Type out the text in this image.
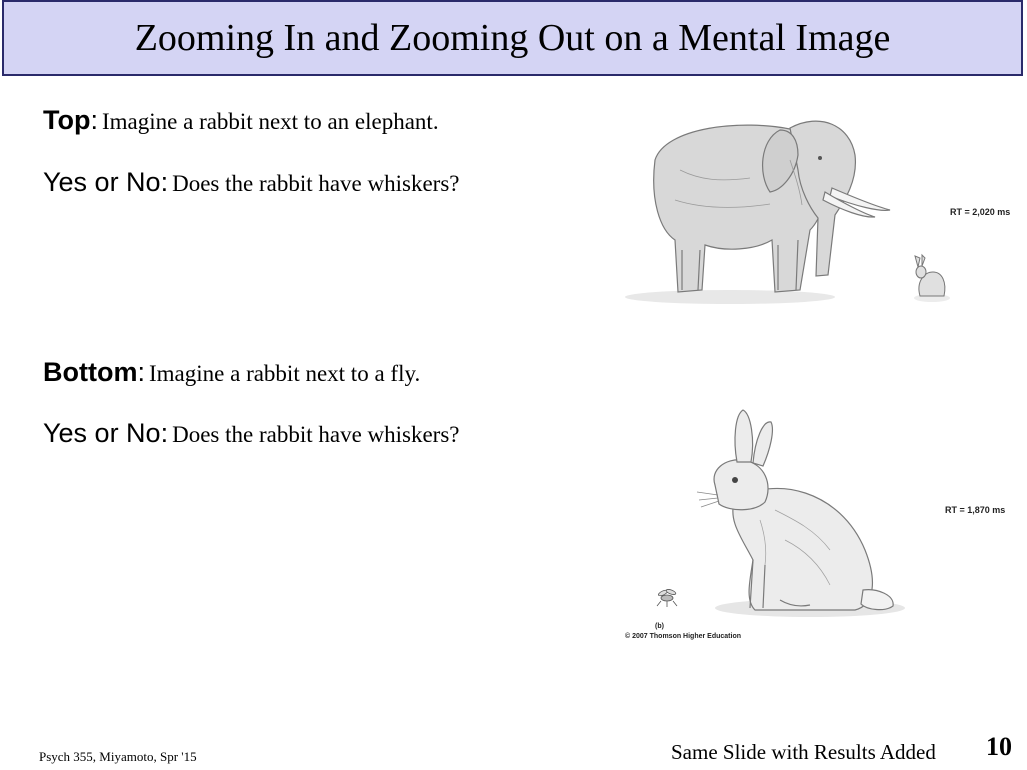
Zooming In and Zooming Out on a Mental Image
Top: Imagine a rabbit next to an elephant.
Yes or No: Does the rabbit have whiskers?
Bottom: Imagine a rabbit next to a fly.
Yes or No: Does the rabbit have whiskers?
RT = 2,020 ms
RT = 1,870 ms
(b)
© 2007 Thomson Higher Education
Psych 355, Miyamoto, Spr '15	Same Slide with Results Added 10
